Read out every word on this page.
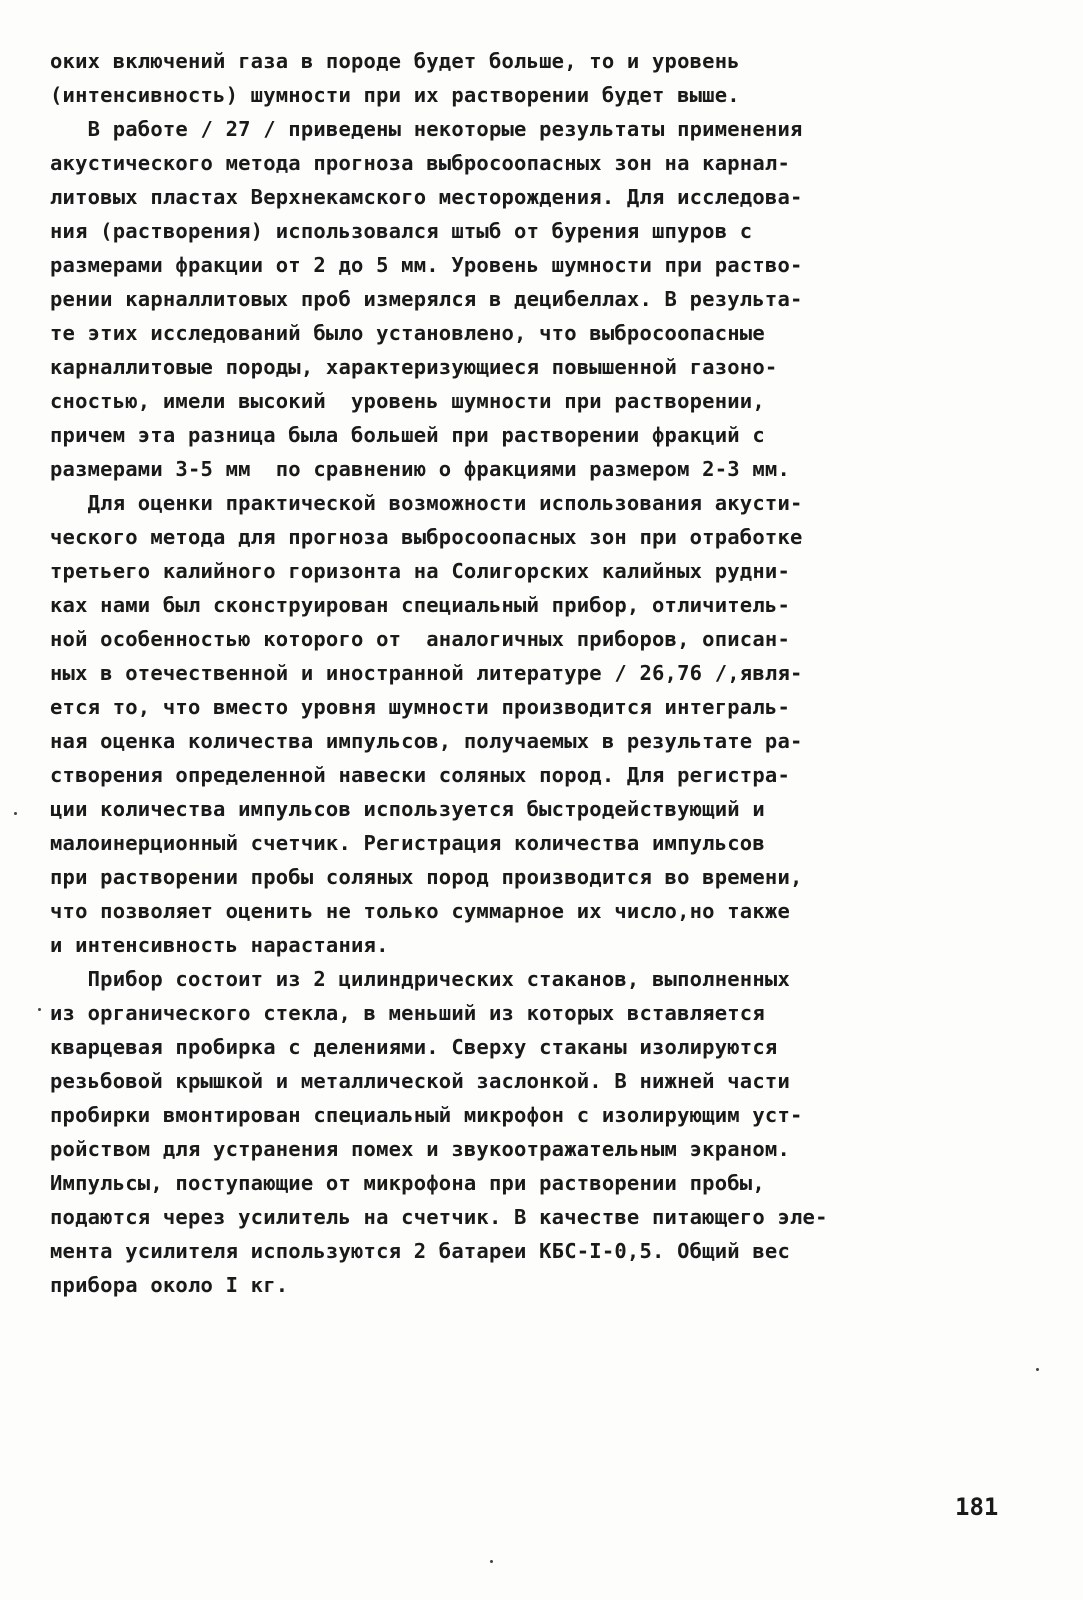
оких включений газа в породе будет больше, то и уровень
(интенсивность) шумности при их растворении будет выше.
В работе / 27 / приведены некоторые результаты применения
акустического метода прогноза выбросоопасных зон на карнал-
литовых пластах Верхнекамского месторождения. Для исследова-
ния (растворения) использовался штыб от бурения шпуров с
размерами фракции от 2 до 5 мм. Уровень шумности при раство-
рении карналлитовых проб измерялся в децибеллах. В результа-
те этих исследований было установлено, что выбросоопасные
карналлитовые породы, характеризующиеся повышенной газоно-
сностью, имели высокий  уровень шумности при растворении,
причем эта разница была большей при растворении фракций с
размерами 3-5 мм  по сравнению о фракциями размером 2-3 мм.
Для оценки практической возможности использования акусти-
ческого метода для прогноза выбросоопасных зон при отработке
третьего калийного горизонта на Солигорских калийных рудни-
ках нами был сконструирован специальный прибор, отличитель-
ной особенностью которого от  аналогичных приборов, описан-
ных в отечественной и иностранной литературе / 26,76 /,явля-
ется то, что вместо уровня шумности производится интеграль-
ная оценка количества импульсов, получаемых в результате ра-
створения определенной навески соляных пород. Для регистра-
ции количества импульсов используется быстродействующий и
малоинерционный счетчик. Регистрация количества импульсов
при растворении пробы соляных пород производится во времени,
что позволяет оценить не только суммарное их число,но также
и интенсивность нарастания.
Прибор состоит из 2 цилиндрических стаканов, выполненных
из органического стекла, в меньший из которых вставляется
кварцевая пробирка с делениями. Сверху стаканы изолируются
резьбовой крышкой и металлической заслонкой. В нижней части
пробирки вмонтирован специальный микрофон с изолирующим уст-
ройством для устранения помех и звукоотражательным экраном.
Импульсы, поступающие от микрофона при растворении пробы,
подаются через усилитель на счетчик. В качестве питающего эле-
мента усилителя используются 2 батареи КБС-I-0,5. Общий вес
прибора около I кг.
181
